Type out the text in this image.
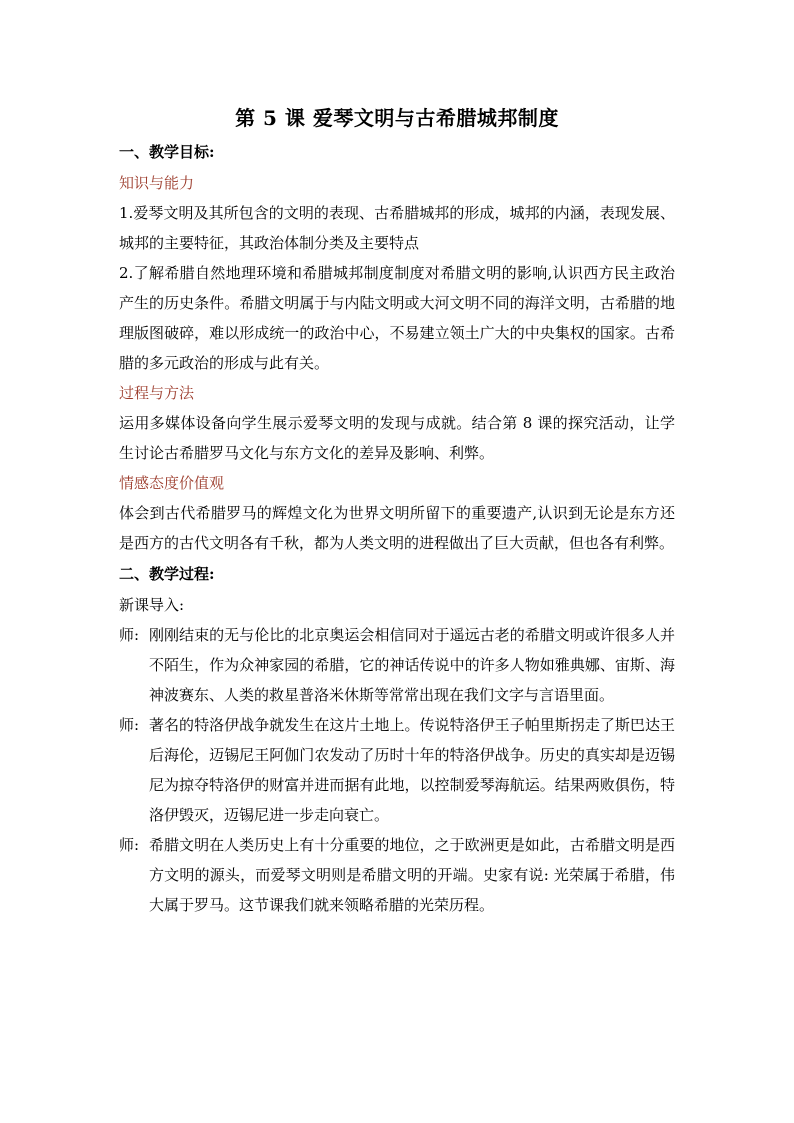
第 5 课 爱琴文明与古希腊城邦制度
一、教学目标:
知识与能力

1.爱琴文明及其所包含的文明的表现、古希腊城邦的形成，城邦的内涵，表现发展、城邦的主要特征，其政治体制分类及主要特点

2.了解希腊自然地理环境和希腊城邦制度制度对希腊文明的影响,认识西方民主政治产生的历史条件。希腊文明属于与内陆文明或大河文明不同的海洋文明，古希腊的地理版图破碎，难以形成统一的政治中心，不易建立领土广大的中央集权的国家。古希腊的多元政治的形成与此有关。

过程与方法

运用多媒体设备向学生展示爱琴文明的发现与成就。结合第 8 课的探究活动，让学生讨论古希腊罗马文化与东方文化的差异及影响、利弊。

情感态度价值观

体会到古代希腊罗马的辉煌文化为世界文明所留下的重要遗产,认识到无论是东方还是西方的古代文明各有千秋，都为人类文明的进程做出了巨大贡献，但也各有利弊。

二、教学过程:
新课导入:
师: 刚刚结束的无与伦比的北京奥运会相信同对于遥远古老的希腊文明或许很多人并不陌生，作为众神家园的希腊，它的神话传说中的许多人物如雅典娜、宙斯、海神波赛东、人类的救星普洛米休斯等常常出现在我们文字与言语里面。
师: 著名的特洛伊战争就发生在这片土地上。传说特洛伊王子帕里斯拐走了斯巴达王后海伦，迈锡尼王阿伽门农发动了历时十年的特洛伊战争。历史的真实却是迈锡尼为掠夺特洛伊的财富并进而据有此地，以控制爱琴海航运。结果两败俱伤，特洛伊毁灭，迈锡尼进一步走向衰亡。
师: 希腊文明在人类历史上有十分重要的地位，之于欧洲更是如此，古希腊文明是西方文明的源头，而爱琴文明则是希腊文明的开端。史家有说: 光荣属于希腊，伟大属于罗马。这节课我们就来领略希腊的光荣历程。
